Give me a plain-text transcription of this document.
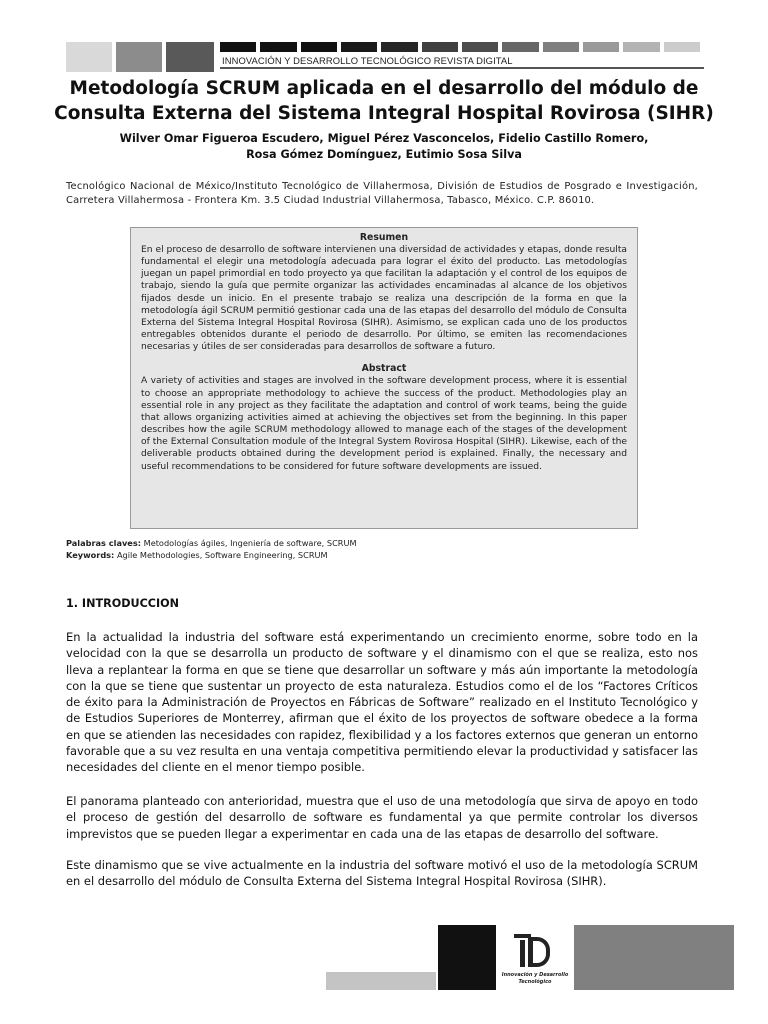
INNOVACIÓN Y DESARROLLO TECNOLÓGICO REVISTA DIGITAL
Metodología SCRUM aplicada en el desarrollo del módulo de Consulta Externa del Sistema Integral Hospital Rovirosa (SIHR)
Wilver Omar Figueroa Escudero, Miguel Pérez Vasconcelos, Fidelio Castillo Romero,
Rosa Gómez Domínguez, Eutimio Sosa Silva
Tecnológico Nacional de México/Instituto Tecnológico de Villahermosa, División de Estudios de Posgrado e Investigación, Carretera Villahermosa - Frontera Km. 3.5 Ciudad Industrial Villahermosa, Tabasco, México. C.P. 86010.
Resumen

En el proceso de desarrollo de software intervienen una diversidad de actividades y etapas, donde resulta fundamental el elegir una metodología adecuada para lograr el éxito del producto. Las metodologías juegan un papel primordial en todo proyecto ya que facilitan la adaptación y el control de los equipos de trabajo, siendo la guía que permite organizar las actividades encaminadas al alcance de los objetivos fijados desde un inicio. En el presente trabajo se realiza una descripción de la forma en que la metodología ágil SCRUM permitió gestionar cada una de las etapas del desarrollo del módulo de Consulta Externa del Sistema Integral Hospital Rovirosa (SIHR). Asimismo, se explican cada uno de los productos entregables obtenidos durante el periodo de desarrollo. Por último, se emiten las recomendaciones necesarias y útiles de ser consideradas para desarrollos de software a futuro.

Abstract

A variety of activities and stages are involved in the software development process, where it is essential to choose an appropriate methodology to achieve the success of the product. Methodologies play an essential role in any project as they facilitate the adaptation and control of work teams, being the guide that allows organizing activities aimed at achieving the objectives set from the beginning. In this paper describes how the agile SCRUM methodology allowed to manage each of the stages of the development of the External Consultation module of the Integral System Rovirosa Hospital (SIHR). Likewise, each of the deliverable products obtained during the development period is explained. Finally, the necessary and useful recommendations to be considered for future software developments are issued.

Palabras claves: Metodologías ágiles, Ingeniería de software, SCRUM
Keywords: Agile Methodologies, Software Engineering, SCRUM
1. INTRODUCCION

En la actualidad la industria del software está experimentando un crecimiento enorme, sobre todo en la velocidad con la que se desarrolla un producto de software y el dinamismo con el que se realiza, esto nos lleva a replantear la forma en que se tiene que desarrollar un software y más aún importante la metodología con la que se tiene que sustentar un proyecto de esta naturaleza. Estudios como el de los “Factores Críticos de éxito para la Administración de Proyectos en Fábricas de Software” realizado en el Instituto Tecnológico y de Estudios Superiores de Monterrey, afirman que el éxito de los proyectos de software obedece a la forma en que se atienden las necesidades con rapidez, flexibilidad y a los factores externos que generan un entorno favorable que a su vez resulta en una ventaja competitiva permitiendo elevar la productividad y satisfacer las necesidades del cliente en el menor tiempo posible.

El panorama planteado con anterioridad, muestra que el uso de una metodología que sirva de apoyo en todo el proceso de gestión del desarrollo de software es fundamental ya que permite controlar los diversos imprevistos que se pueden llegar a experimentar en cada una de las etapas de desarrollo del software.

Este dinamismo que se vive actualmente en la industria del software motivó el uso de la metodología SCRUM en el desarrollo del módulo de Consulta Externa del Sistema Integral Hospital Rovirosa (SIHR).

Innovación y Desarrollo
Tecnológico
